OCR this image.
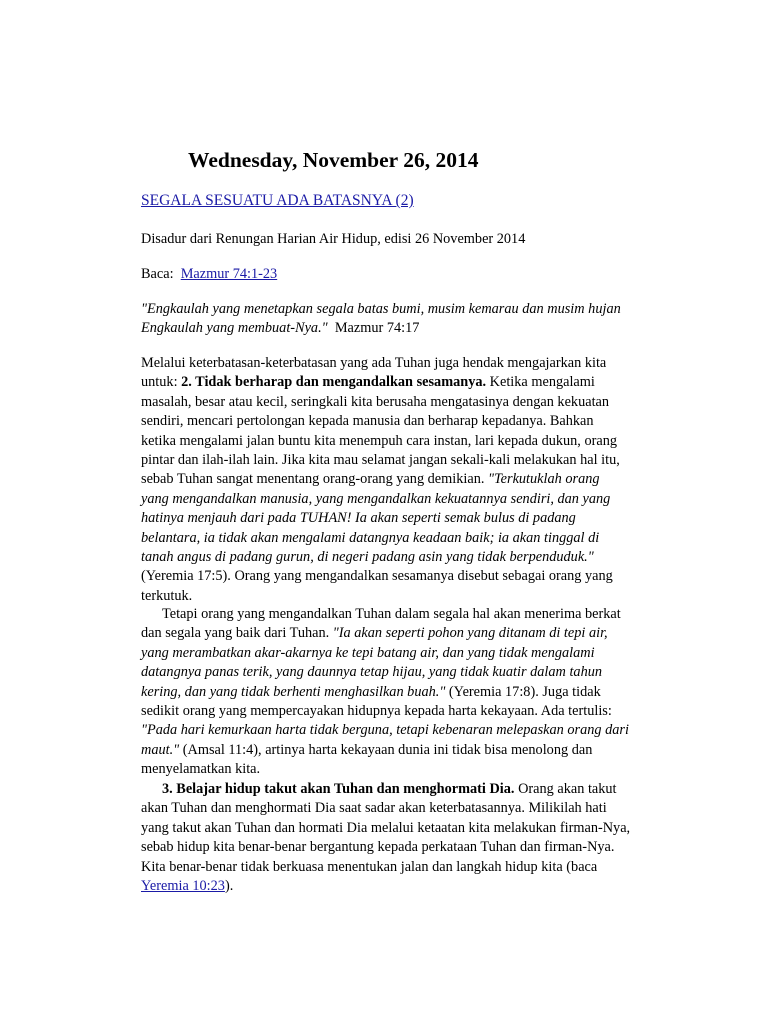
Wednesday, November 26, 2014
SEGALA SESUATU ADA BATASNYA (2)

Disadur dari Renungan Harian Air Hidup, edisi 26 November 2014

Baca: Mazmur 74:1-23

"Engkaulah yang menetapkan segala batas bumi, musim kemarau dan musim hujan
Engkaulah yang membuat-Nya." Mazmur 74:17

Melalui keterbatasan-keterbatasan yang ada Tuhan juga hendak mengajarkan kita
untuk: 2. Tidak berharap dan mengandalkan sesamanya. Ketika mengalami
masalah, besar atau kecil, seringkali kita berusaha mengatasinya dengan kekuatan
sendiri, mencari pertolongan kepada manusia dan berharap kepadanya. Bahkan
ketika mengalami jalan buntu kita menempuh cara instan, lari kepada dukun, orang
pintar dan ilah-ilah lain. Jika kita mau selamat jangan sekali-kali melakukan hal itu,
sebab Tuhan sangat menentang orang-orang yang demikian. "Terkutuklah orang
yang mengandalkan manusia, yang mengandalkan kekuatannya sendiri, dan yang
hatinya menjauh dari pada TUHAN! Ia akan seperti semak bulus di padang
belantara, ia tidak akan mengalami datangnya keadaan baik; ia akan tinggal di
tanah angus di padang gurun, di negeri padang asin yang tidak berpenduduk."
(Yeremia 17:5). Orang yang mengandalkan sesamanya disebut sebagai orang yang
terkutuk.

Tetapi orang yang mengandalkan Tuhan dalam segala hal akan menerima berkat
dan segala yang baik dari Tuhan. "Ia akan seperti pohon yang ditanam di tepi air,
yang merambatkan akar-akarnya ke tepi batang air, dan yang tidak mengalami
datangnya panas terik, yang daunnya tetap hijau, yang tidak kuatir dalam tahun
kering, dan yang tidak berhenti menghasilkan buah." (Yeremia 17:8). Juga tidak
sedikit orang yang mempercayakan hidupnya kepada harta kekayaan. Ada tertulis:
"Pada hari kemurkaan harta tidak berguna, tetapi kebenaran melepaskan orang dari
maut." (Amsal 11:4), artinya harta kekayaan dunia ini tidak bisa menolong dan
menyelamatkan kita.

3. Belajar hidup takut akan Tuhan dan menghormati Dia. Orang akan takut
akan Tuhan dan menghormati Dia saat sadar akan keterbatasannya. Milikilah hati
yang takut akan Tuhan dan hormati Dia melalui ketaatan kita melakukan firman-Nya,
sebab hidup kita benar-benar bergantung kepada perkataan Tuhan dan firman-Nya.
Kita benar-benar tidak berkuasa menentukan jalan dan langkah hidup kita (baca
Yeremia 10:23).
